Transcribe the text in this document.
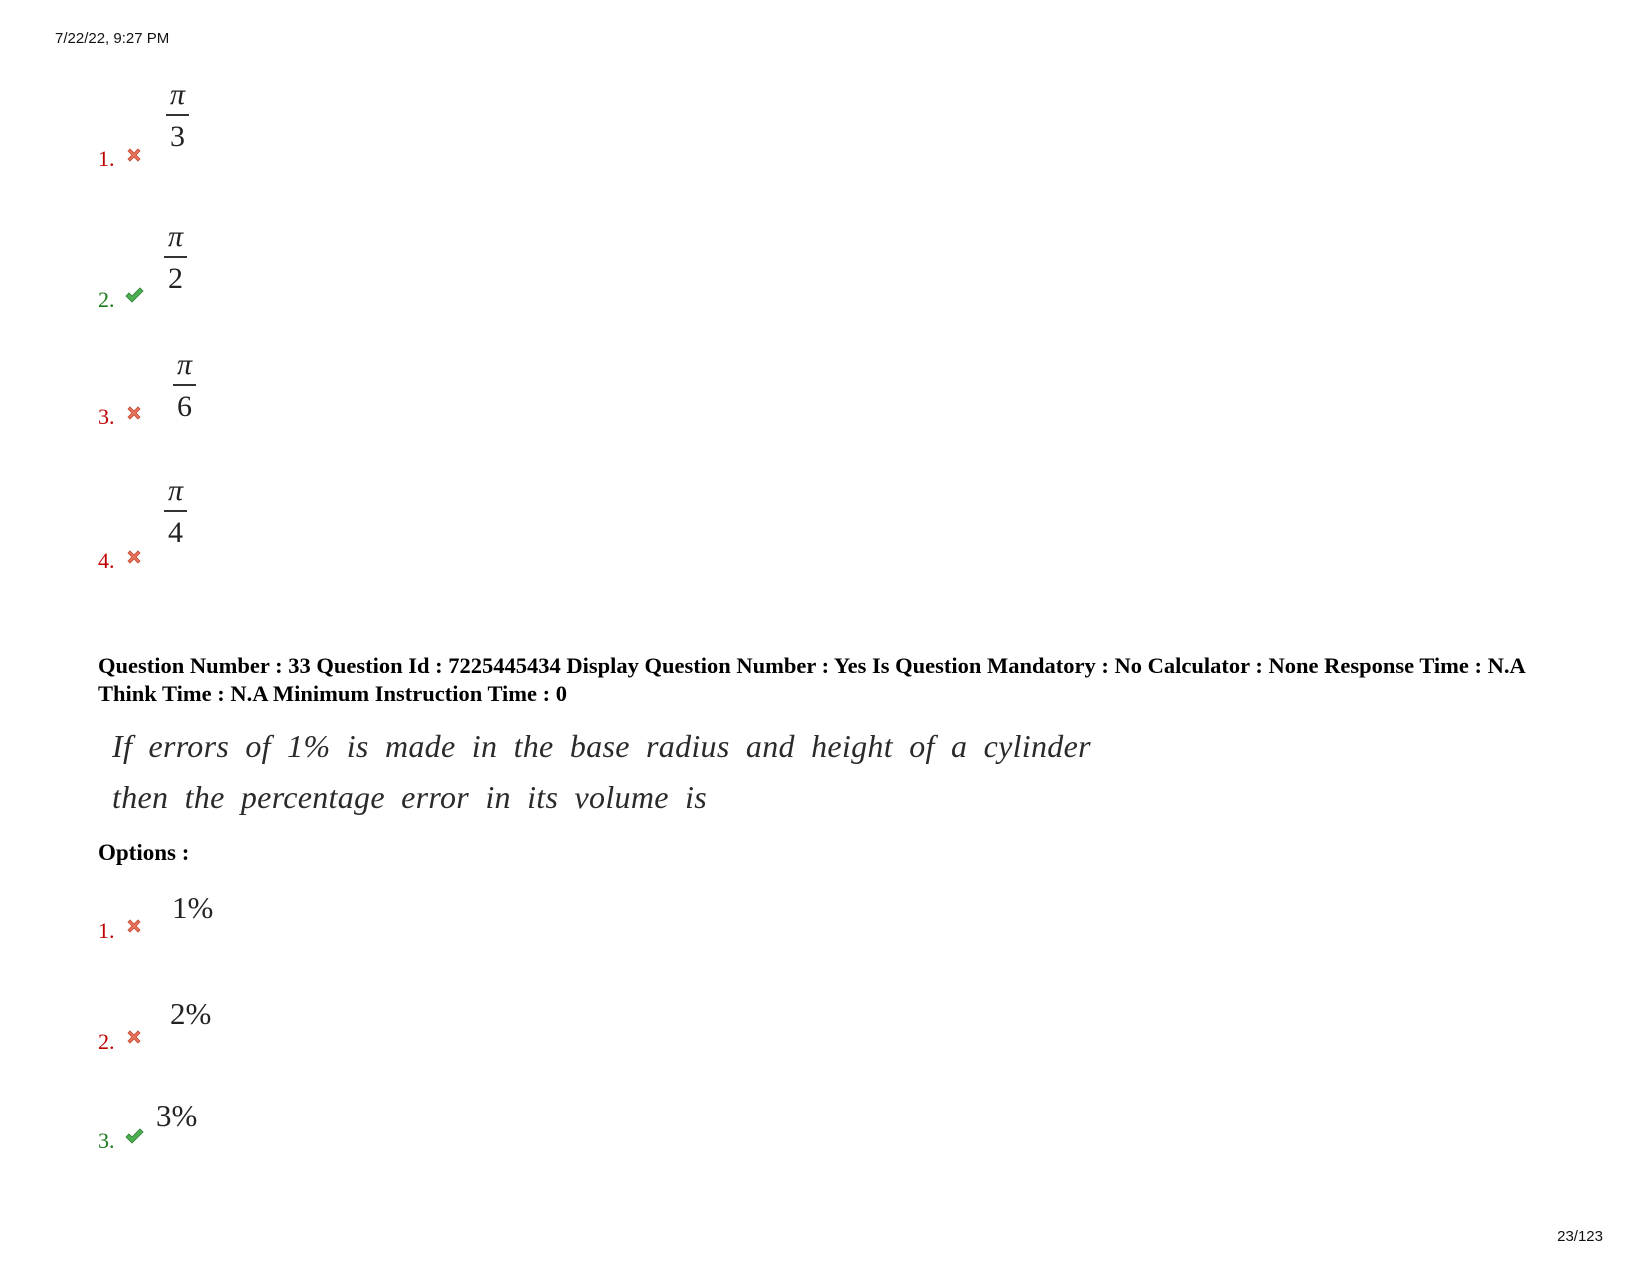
7/22/22, 9:27 PM
1.
π
3
2.
π
2
3.
π
6
4.
π
4
Question Number : 33 Question Id : 7225445434 Display Question Number : Yes Is Question Mandatory : No Calculator : None Response Time : N.A Think Time : N.A Minimum Instruction Time : 0
If errors of 1% is made in the base radius and height of a cylinder
then the percentage error in its volume is
Options :
1.
1%
2.
2%
3.
3%
23/123
